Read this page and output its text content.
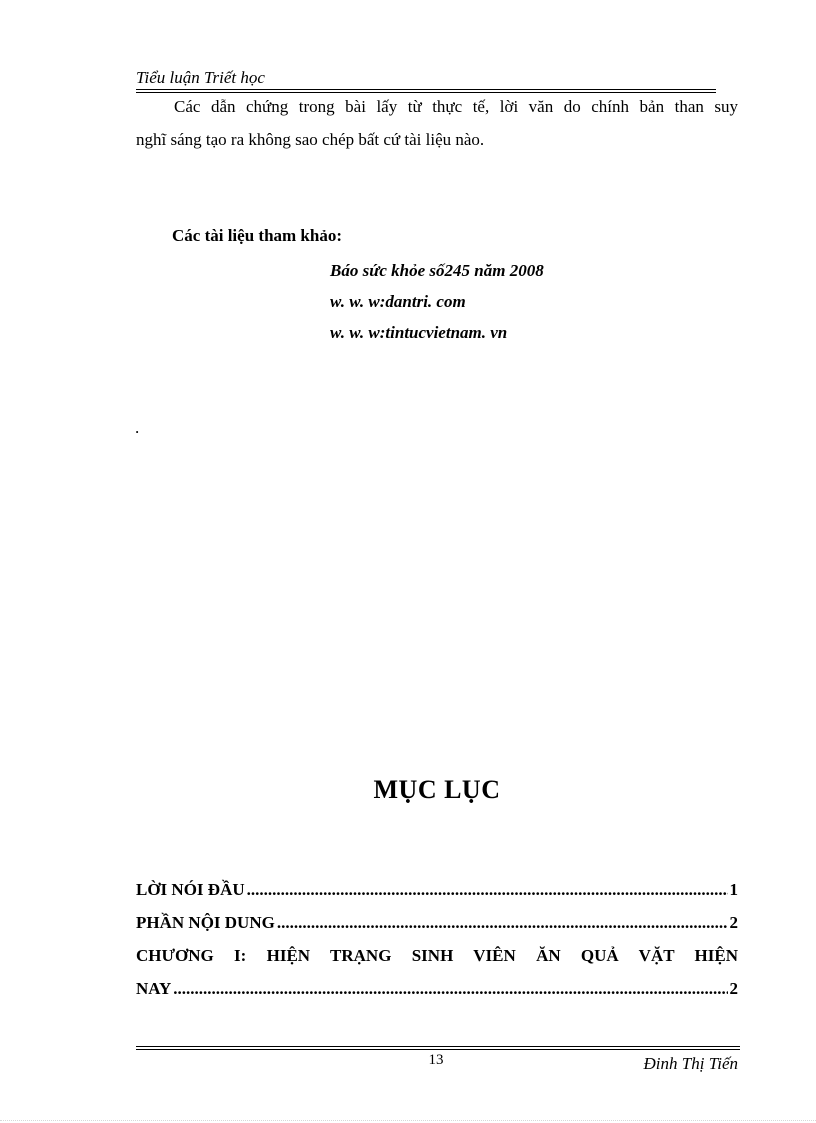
Tiểu luận Triết học
Các dẫn chứng trong bài lấy từ thực tế, lời văn do chính bản than suy
nghĩ sáng tạo ra không sao chép bất cứ tài liệu nào.
Các tài liệu tham khảo:
Báo sức khỏe số245 năm 2008
w. w. w:dantri. com
w. w. w:tintucvietnam. vn
.
MỤC LỤC
LỜI NÓI ĐẦU .....	1
PHẦN NỘI DUNG .....	2
CHƯƠNG I: HIỆN TRẠNG SINH VIÊN ĂN QUẢ VẶT HIỆN
NAY .....	2
13	Đinh Thị Tiến
